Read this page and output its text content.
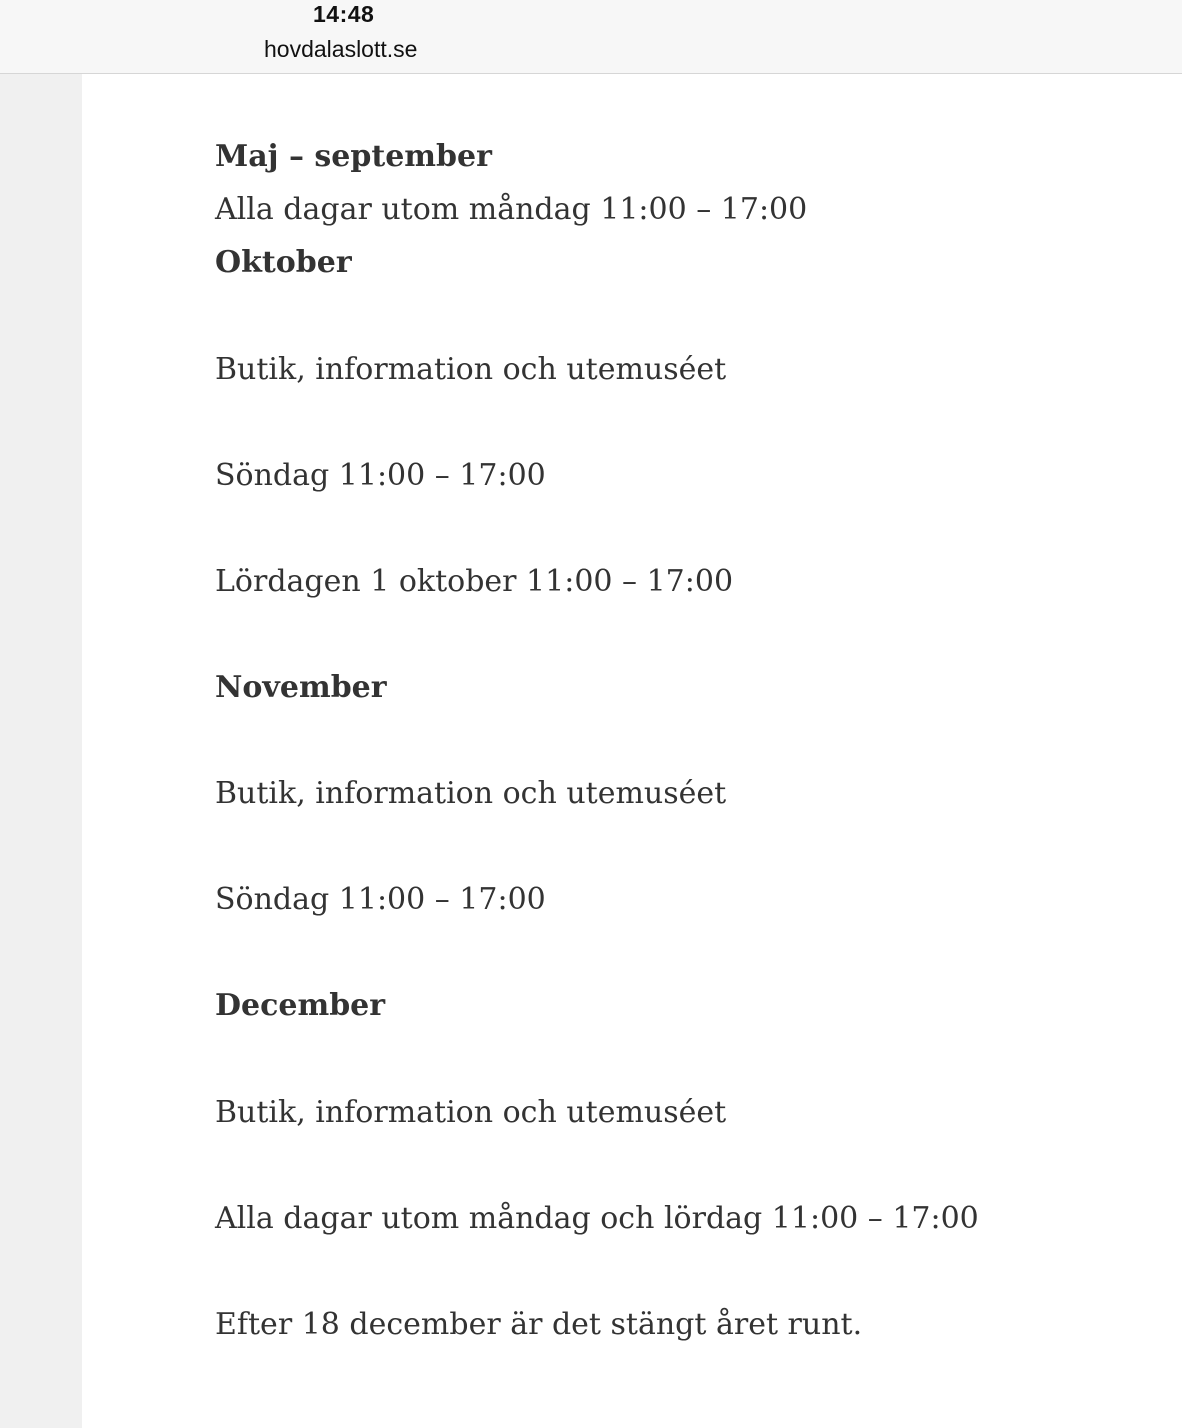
14:48
hovdalaslott.se
Maj – september
Alla dagar utom måndag 11:00 – 17:00
Oktober
Butik, information och utemuséet
Söndag 11:00 – 17:00
Lördagen 1 oktober 11:00 – 17:00
November
Butik, information och utemuséet
Söndag 11:00 – 17:00
December
Butik, information och utemuséet
Alla dagar utom måndag och lördag 11:00 – 17:00
Efter 18 december är det stängt året runt.
